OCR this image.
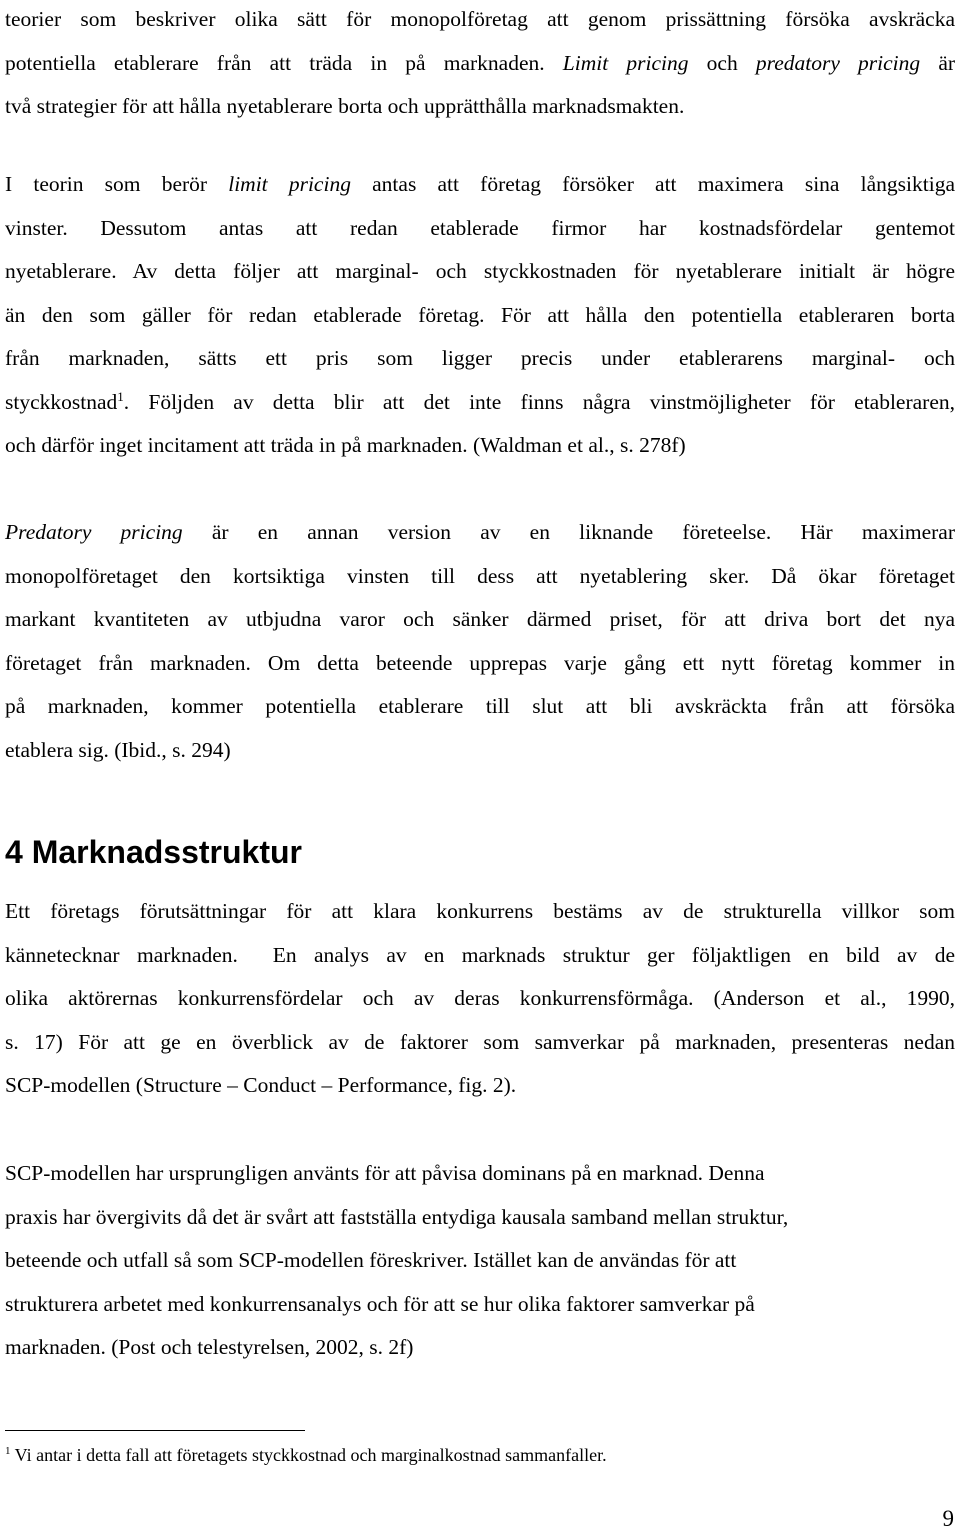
teorier som beskriver olika sätt för monopolföretag att genom prissättning försöka avskräcka
potentiella etablerare från att träda in på marknaden. Limit pricing och predatory pricing är
två strategier för att hålla nyetablerare borta och upprätthålla marknadsmakten.
I teorin som berör limit pricing antas att företag försöker att maximera sina långsiktiga
vinster. Dessutom antas att redan etablerade firmor har kostnadsfördelar gentemot
nyetablerare. Av detta följer att marginal- och styckkostnaden för nyetablerare initialt är högre
än den som gäller för redan etablerade företag. För att hålla den potentiella etableraren borta
från marknaden, sätts ett pris som ligger precis under etablerarens marginal- och
styckkostnad$^1$. Följden av detta blir att det inte finns några vinstmöjligheter för etableraren,
och därför inget incitament att träda in på marknaden. (Waldman et al., s. 278f)
Predatory pricing är en annan version av en liknande företeelse. Här maximerar
monopolföretaget den kortsiktiga vinsten till dess att nyetablering sker. Då ökar företaget
markant kvantiteten av utbjudna varor och sänker därmed priset, för att driva bort det nya
företaget från marknaden. Om detta beteende upprepas varje gång ett nytt företag kommer in
på marknaden, kommer potentiella etablerare till slut att bli avskräckta från att försöka
etablera sig. (Ibid., s. 294)
4 Marknadsstruktur
Ett företags förutsättningar för att klara konkurrens bestäms av de strukturella villkor som
kännetecknar marknaden.  En analys av en marknads struktur ger följaktligen en bild av de
olika aktörernas konkurrensfördelar och av deras konkurrensförmåga. (Anderson et al., 1990,
s. 17) För att ge en överblick av de faktorer som samverkar på marknaden, presenteras nedan
SCP-modellen (Structure – Conduct – Performance, fig. 2).
SCP-modellen har ursprungligen använts för att påvisa dominans på en marknad. Denna
praxis har övergivits då det är svårt att fastställa entydiga kausala samband mellan struktur,
beteende och utfall så som SCP-modellen föreskriver. Istället kan de användas för att
strukturera arbetet med konkurrensanalys och för att se hur olika faktorer samverkar på
marknaden. (Post och telestyrelsen, 2002, s. 2f)
$^1$ Vi antar i detta fall att företagets styckkostnad och marginalkostnad sammanfaller.
9
